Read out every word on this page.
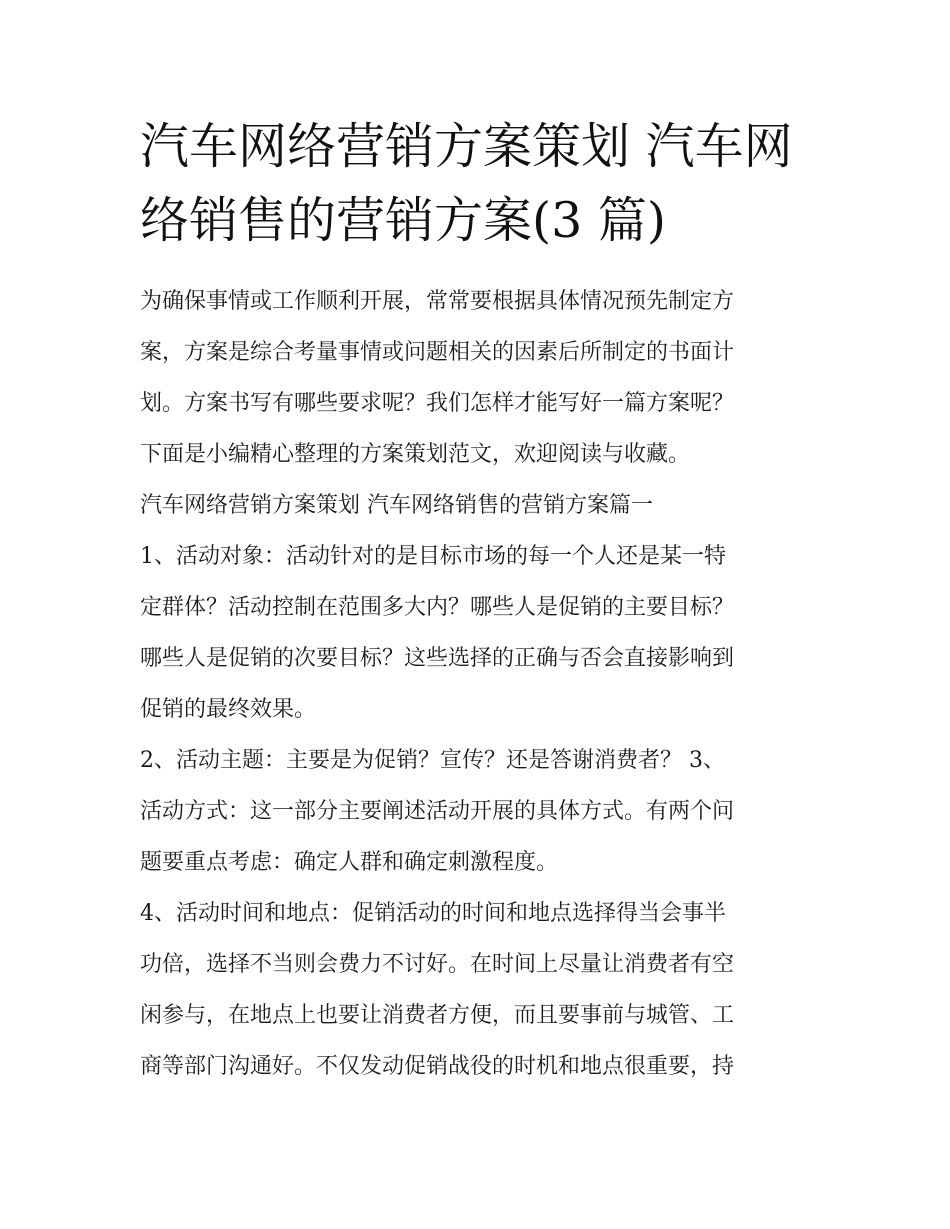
汽车网络营销方案策划 汽车网
络销售的营销方案(3 篇)

为确保事情或工作顺利开展，常常要根据具体情况预先制定方
案，方案是综合考量事情或问题相关的因素后所制定的书面计
划。方案书写有哪些要求呢？我们怎样才能写好一篇方案呢？
下面是小编精心整理的方案策划范文，欢迎阅读与收藏。

汽车网络营销方案策划 汽车网络销售的营销方案篇一

1、活动对象：活动针对的是目标市场的每一个人还是某一特
定群体？活动控制在范围多大内？哪些人是促销的主要目标？
哪些人是促销的次要目标？这些选择的正确与否会直接影响到
促销的最终效果。

2、活动主题：主要是为促销？宣传？还是答谢消费者？ 3、
活动方式：这一部分主要阐述活动开展的具体方式。有两个问
题要重点考虑：确定人群和确定刺激程度。

4、活动时间和地点：促销活动的时间和地点选择得当会事半
功倍，选择不当则会费力不讨好。在时间上尽量让消费者有空
闲参与，在地点上也要让消费者方便，而且要事前与城管、工
商等部门沟通好。不仅发动促销战役的时机和地点很重要，持
